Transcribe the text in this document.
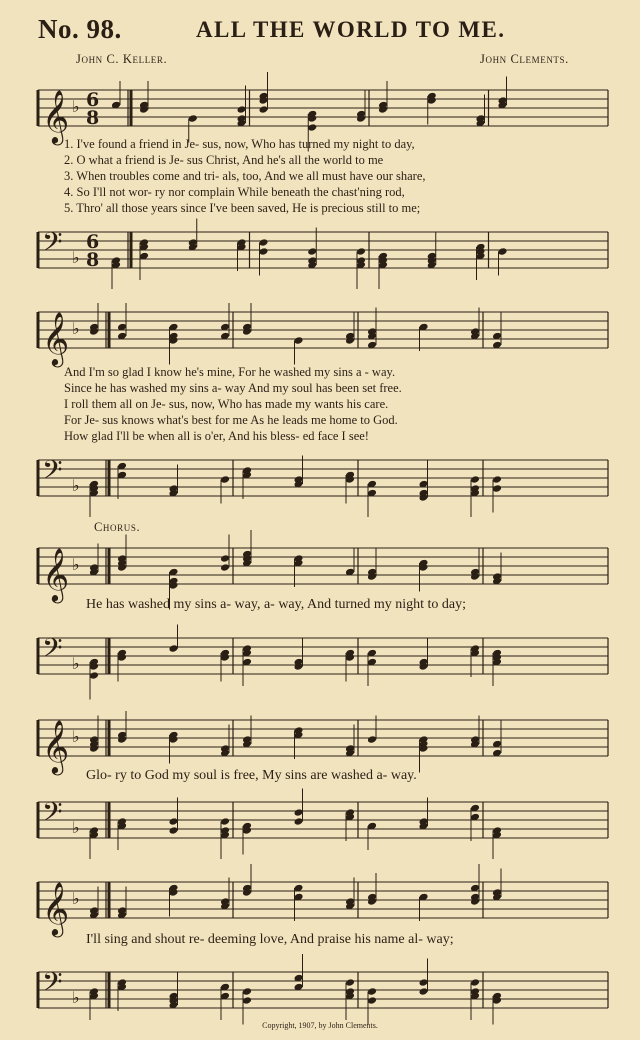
No. 98.	ALL THE WORLD TO ME.
John C. Keller.	John Clements.
𝄞 ♭ 6
8
1. I've found a friend in Je- sus, now, Who has turned my night to day,
2. O what a friend is Je- sus Christ, And he's all the world to me
3. When troubles come and tri- als, too, And we all must have our share,
4. So I'll not wor- ry nor complain While beneath the chast'ning rod,
5. Thro' all those years since I've been saved, He is precious still to me;
𝄢 ♭
6
8
𝄞 ♭
And I'm so glad I know he's mine, For he washed my sins a - way.
Since he has washed my sins a- way And my soul has been set free.
I roll them all on Je- sus, now, Who has made my wants his care.
For Je- sus knows what's best for me As he leads me home to God.
How glad I'll be when all is o'er, And his bless- ed face I see!
𝄢 ♭
Chorus.
𝄞 ♭
He has washed my sins a- way, a- way, And turned my night to day;
𝄢 ♭
𝄞 ♭
Glo- ry to God my soul is free, My sins are washed a- way.
𝄢 ♭
𝄞 ♭
I'll sing and shout re- deeming love, And praise his name al- way;
𝄢 ♭
Copyright, 1907, by John Clements.
